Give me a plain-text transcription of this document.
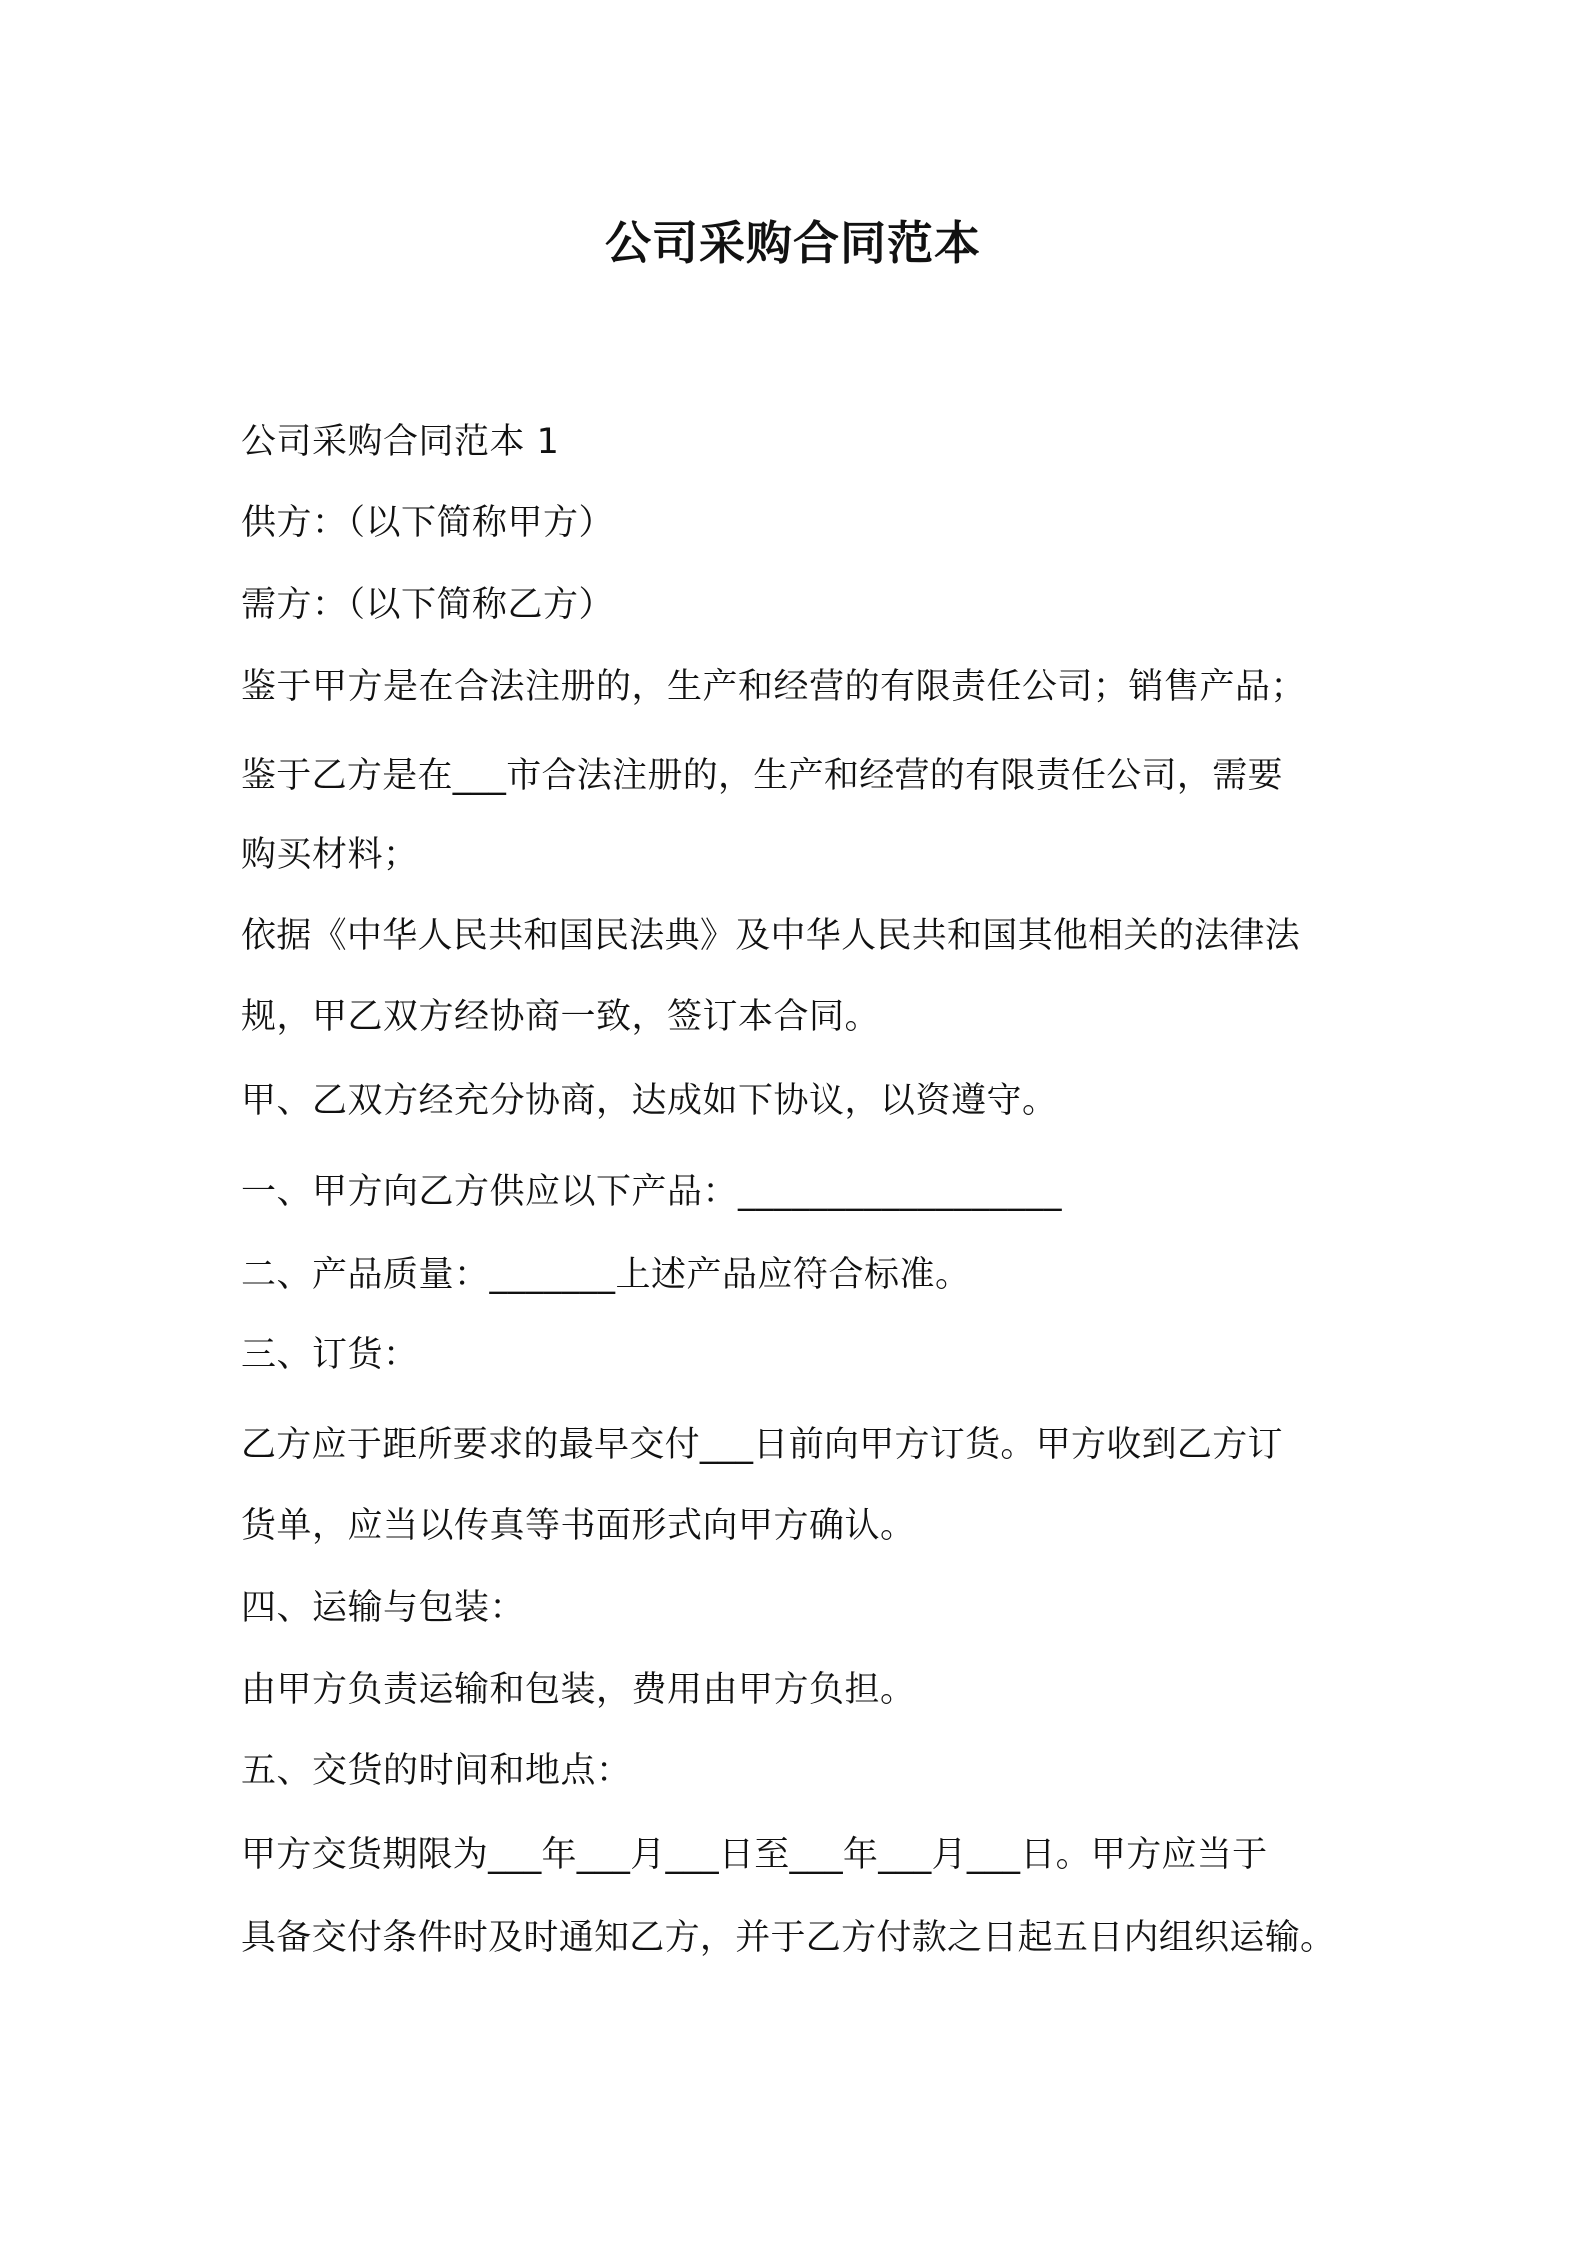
公司采购合同范本
公司采购合同范本 1
供方：（以下简称甲方）
需方：（以下简称乙方）
鉴于甲方是在合法注册的，生产和经营的有限责任公司；销售产品；
鉴于乙方是在___市合法注册的，生产和经营的有限责任公司，需要
购买材料；
依据《中华人民共和国民法典》及中华人民共和国其他相关的法律法
规，甲乙双方经协商一致，签订本合同。
甲、乙双方经充分协商，达成如下协议，以资遵守。
一、甲方向乙方供应以下产品：__________________
二、产品质量：_______上述产品应符合标准。
三、订货：
乙方应于距所要求的最早交付___日前向甲方订货。甲方收到乙方订
货单，应当以传真等书面形式向甲方确认。
四、运输与包装：
由甲方负责运输和包装，费用由甲方负担。
五、交货的时间和地点：
甲方交货期限为___年___月___日至___年___月___日。甲方应当于
具备交付条件时及时通知乙方，并于乙方付款之日起五日内组织运输。
